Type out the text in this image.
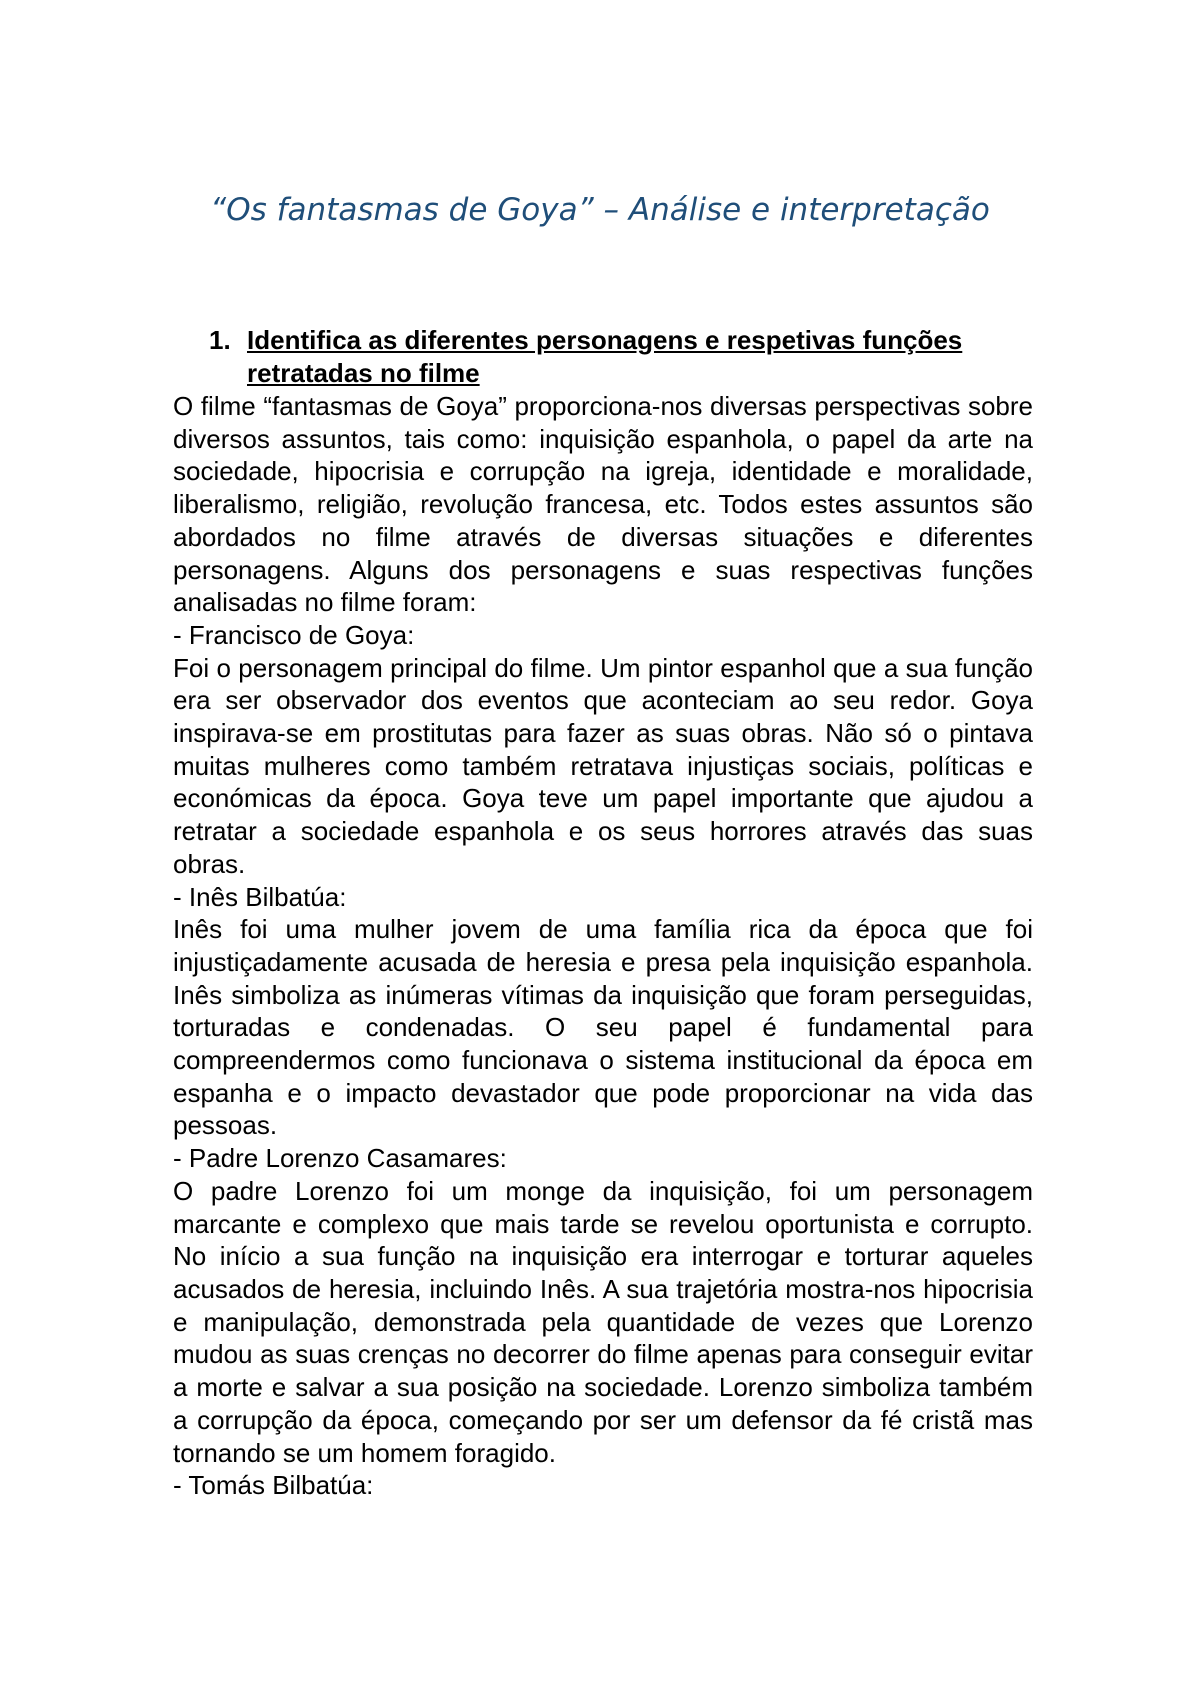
“Os fantasmas de Goya” – Análise e interpretação
1. Identifica as diferentes personagens e respetivas funções retratadas no filme

O filme “fantasmas de Goya” proporciona-nos diversas perspectivas sobre diversos assuntos, tais como: inquisição espanhola, o papel da arte na sociedade, hipocrisia e corrupção na igreja, identidade e moralidade, liberalismo, religião, revolução francesa, etc. Todos estes assuntos são abordados no filme através de diversas situações e diferentes personagens. Alguns dos personagens e suas respectivas funções analisadas no filme foram:

- Francisco de Goya:

Foi o personagem principal do filme. Um pintor espanhol que a sua função era ser observador dos eventos que aconteciam ao seu redor. Goya inspirava-se em prostitutas para fazer as suas obras. Não só o pintava muitas mulheres como também retratava injustiças sociais, políticas e económicas da época. Goya teve um papel importante que ajudou a retratar a sociedade espanhola e os seus horrores através das suas obras.

- Inês Bilbatúa:

Inês foi uma mulher jovem de uma família rica da época que foi injustiçadamente acusada de heresia e presa pela inquisição espanhola. Inês simboliza as inúmeras vítimas da inquisição que foram perseguidas, torturadas e condenadas. O seu papel é fundamental para compreendermos como funcionava o sistema institucional da época em espanha e o impacto devastador que pode proporcionar na vida das pessoas.

- Padre Lorenzo Casamares:

O padre Lorenzo foi um monge da inquisição, foi um personagem marcante e complexo que mais tarde se revelou oportunista e corrupto. No início a sua função na inquisição era interrogar e torturar aqueles acusados de heresia, incluindo Inês. A sua trajetória mostra-nos hipocrisia e manipulação, demonstrada pela quantidade de vezes que Lorenzo mudou as suas crenças no decorrer do filme apenas para conseguir evitar a morte e salvar a sua posição na sociedade. Lorenzo simboliza também a corrupção da época, começando por ser um defensor da fé cristã mas tornando se um homem foragido.

- Tomás Bilbatúa:
